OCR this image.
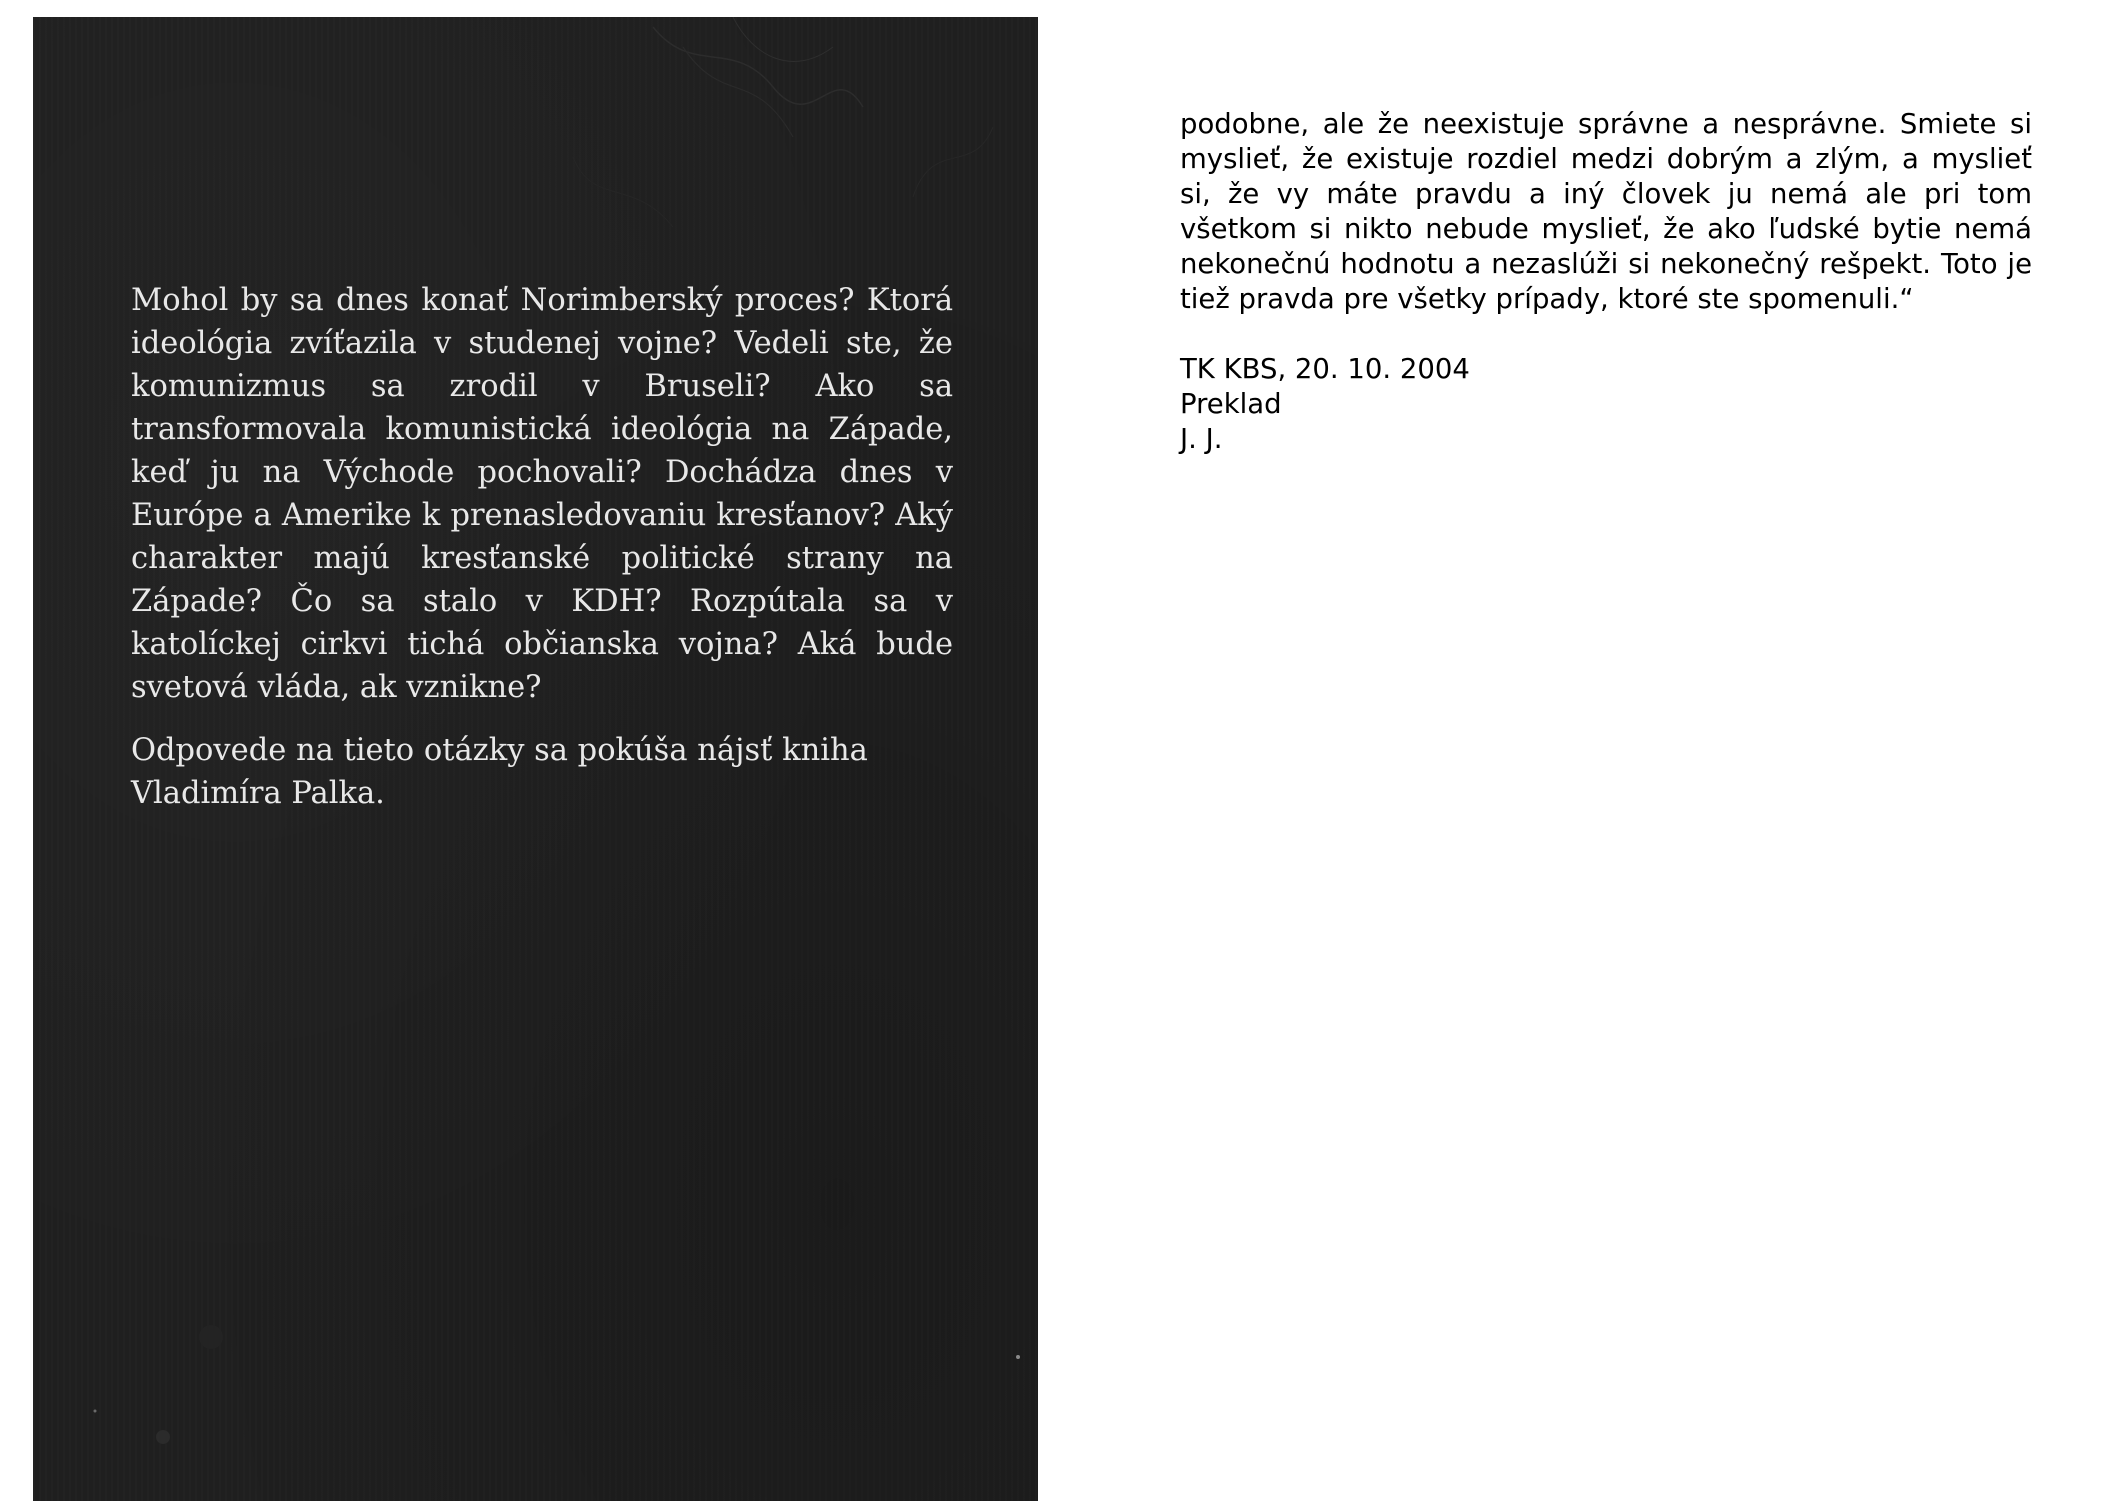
Mohol by sa dnes konať Norimberský proces? Ktorá ideológia zvíťazila v studenej vojne? Vedeli ste, že komunizmus sa zrodil v Bruseli? Ako sa transformovala komunistická ideológia na Západe, keď ju na Východe pochovali? Dochádza dnes v Európe a Amerike k prenasledovaniu kresťanov? Aký charakter majú kresťanské politické strany na Západe? Čo sa stalo v KDH? Rozpútala sa v katolíckej cirkvi tichá občianska vojna? Aká bude svetová vláda, ak vznikne?

Odpovede na tieto otázky sa pokúša nájsť kniha Vladimíra Palka.

podobne, ale že neexistuje správne a nesprávne. Smiete si myslieť, že existuje rozdiel medzi dobrým a zlým, a myslieť si, že vy máte pravdu a iný človek ju nemá ale pri tom všetkom si nikto nebude myslieť, že ako ľudské bytie nemá nekonečnú hodnotu a nezaslúži si nekonečný rešpekt. Toto je tiež pravda pre všetky prípady, ktoré ste spomenuli.“

TK KBS, 20. 10. 2004
Preklad
J. J.
